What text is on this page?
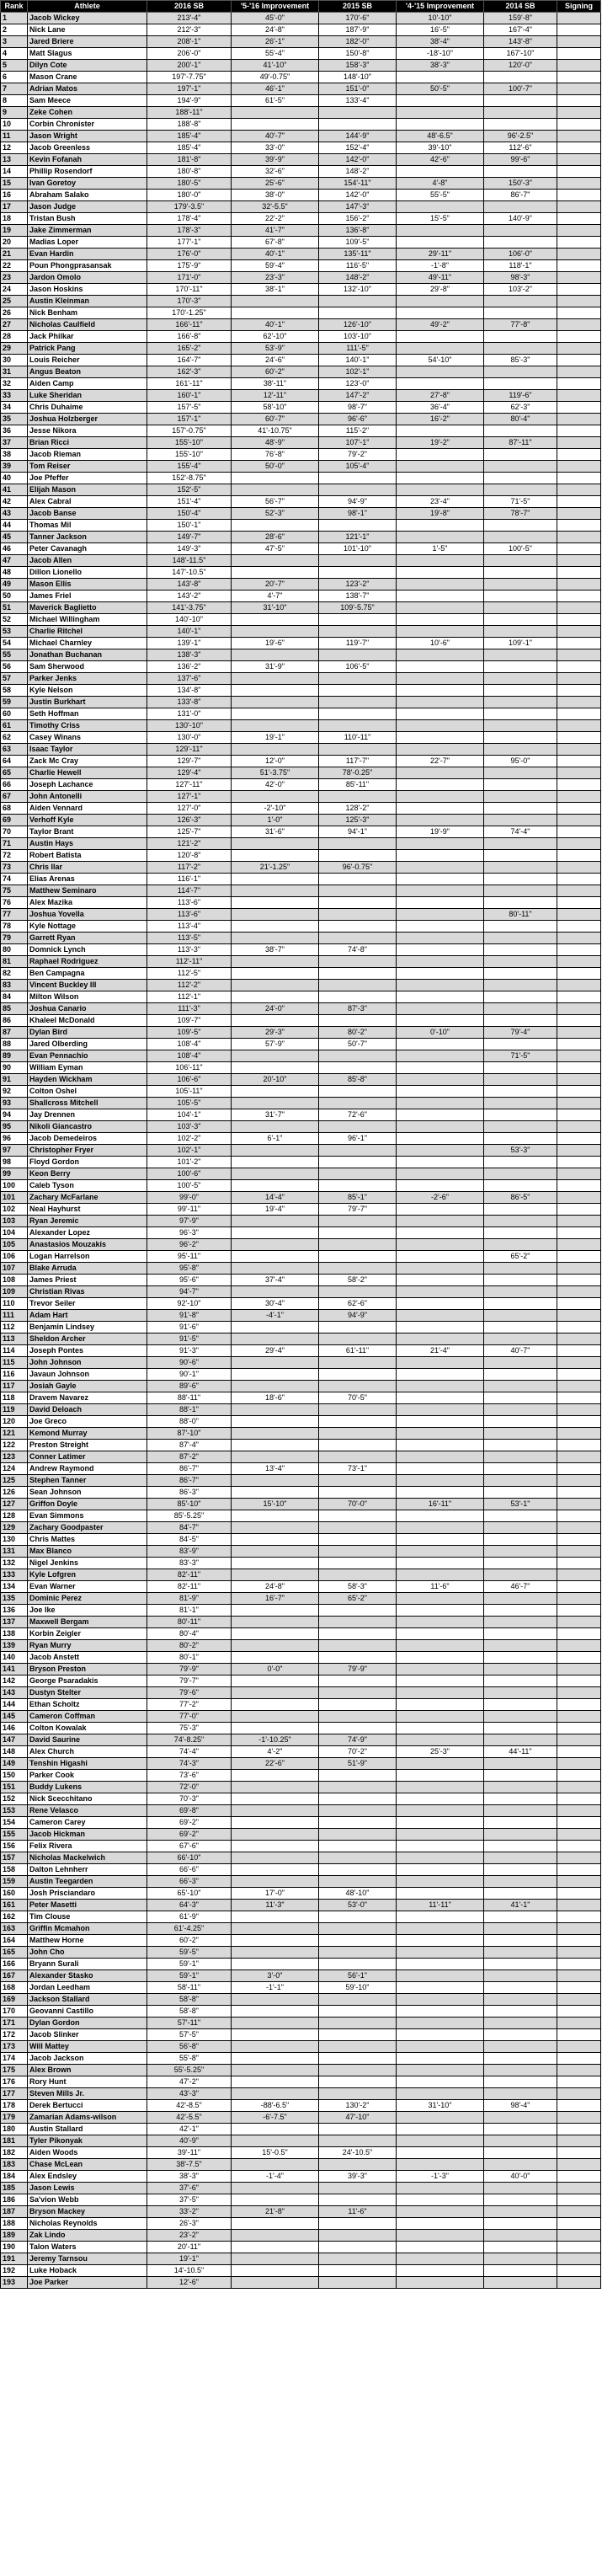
Rank	Athlete	2016 SB	'5-'16 Improvement	2015 SB	'4-'15 Improvement	2014 SB	Signing
1	Jacob Wickey	213'-4"	45'-0"	170'-6"	10'-10"	159'-8"	
2	Nick Lane	212'-3"	24'-8"	187'-9"	16'-5"	167'-4"	
3	Jared Briere	208'-1"	26'-1"	182'-0"	38'-4"	143'-8"	
4	Matt Slagus	206'-0"	55'-4"	150'-8"	-18'-10"	167'-10"	
5	Dilyn Cote	200'-1"	41'-10"	158'-3"	38'-3"	120'-0"	
6	Mason Crane	197'-7.75"	49'-0.75"	148'-10"			
7	Adrian Matos	197'-1"	46'-1"	151'-0"	50'-5"	100'-7"	
8	Sam Meece	194'-9"	61'-5"	133'-4"			
9	Zeke Cohen	188'-11"					
10	Corbin Chronister	188'-8"					
11	Jason Wright	185'-4"	40'-7"	144'-9"	48'-6.5"	96'-2.5"	
12	Jacob Greenless	185'-4"	33'-0"	152'-4"	39'-10"	112'-6"	
13	Kevin Fofanah	181'-8"	39'-9"	142'-0"	42'-6"	99'-6"	
14	Phillip Rosendorf	180'-8"	32'-6"	148'-2"			
15	Ivan Goretoy	180'-5"	25'-6"	154'-11"	4'-8"	150'-3"	
16	Abraham Salako	180'-0"	38'-0"	142'-0"	55'-5"	86'-7"	
17	Jason Judge	179'-3.5"	32'-5.5"	147'-3"			
18	Tristan Bush	178'-4"	22'-2"	156'-2"	15'-5"	140'-9"	
19	Jake Zimmerman	178'-3"	41'-7"	136'-8"			
20	Madias Loper	177'-1"	67'-8"	109'-5"			
21	Evan Hardin	176'-0"	40'-1"	135'-11"	29'-11"	106'-0"	
22	Poun Phongprasansak	175'-9"	59'-4"	116'-5"	-1'-8"	118'-1"	
23	Jardon Omolo	171'-0"	23'-3"	148'-2"	49'-11"	98'-3"	
24	Jason Hoskins	170'-11"	38'-1"	132'-10"	29'-8"	103'-2"	
25	Austin Kleinman	170'-3"					
26	Nick Benham	170'-1.25"					
27	Nicholas Caulfield	166'-11"	40'-1"	126'-10"	49'-2"	77'-8"	
28	Jack Philkar	166'-8"	62'-10"	103'-10"			
29	Patrick Pang	165'-2"	53'-9"	111'-5"			
30	Louis Reicher	164'-7"	24'-6"	140'-1"	54'-10"	85'-3"	
31	Angus Beaton	162'-3"	60'-2"	102'-1"			
32	Aiden Camp	161'-11"	38'-11"	123'-0"			
33	Luke Sheridan	160'-1"	12'-11"	147'-2"	27'-8"	119'-6"	
34	Chris Duhaime	157'-5"	58'-10"	98'-7"	36'-4"	62'-3"	
35	Joshua Holzberger	157'-1"	60'-7"	96'-6"	16'-2"	80'-4"	
36	Jesse Nikora	157'-0.75"	41'-10.75"	115'-2"			
37	Brian Ricci	155'-10"	48'-9"	107'-1"	19'-2"	87'-11"	
38	Jacob Rieman	155'-10"	76'-8"	79'-2"			
39	Tom Reiser	155'-4"	50'-0"	105'-4"			
40	Joe Pfeffer	152'-8.75"					
41	Elijah Mason	152'-5"					
42	Alex Cabral	151'-4"	56'-7"	94'-9"	23'-4"	71'-5"	
43	Jacob Banse	150'-4"	52'-3"	98'-1"	19'-8"	78'-7"	
44	Thomas Mil	150'-1"					
45	Tanner Jackson	149'-7"	28'-6"	121'-1"			
46	Peter Cavanagh	149'-3"	47'-5"	101'-10"	1'-5"	100'-5"	
47	Jacob Allen	148'-11.5"					
48	Dillon Lionello	147'-10.5"					
49	Mason Ellis	143'-8"	20'-7"	123'-2"			
50	James Friel	143'-2"	4'-7"	138'-7"			
51	Maverick Baglietto	141'-3.75"	31'-10"	109'-5.75"			
52	Michael Willingham	140'-10"					
53	Charlie Ritchel	140'-1"					
54	Michael Charnley	139'-1"	19'-6"	119'-7"	10'-6"	109'-1"	
55	Jonathan Buchanan	138'-3"					
56	Sam Sherwood	136'-2"	31'-9"	106'-5"			
57	Parker Jenks	137'-6"					
58	Kyle Nelson	134'-8"					
59	Justin Burkhart	133'-8"					
60	Seth Hoffman	131'-0"					
61	Timothy Criss	130'-10"					
62	Casey Winans	130'-0"	19'-1"	110'-11"			
63	Isaac Taylor	129'-11"					
64	Zack Mc Cray	129'-7"	12'-0"	117'-7"	22'-7"	95'-0"	
65	Charlie Hewell	129'-4"	51'-3.75"	78'-0.25"			
66	Joseph Lachance	127'-11"	42'-0"	85'-11"			
67	John Antonelli	127'-1"					
68	Aiden Vennard	127'-0"	-2'-10"	128'-2"			
69	Verhoff Kyle	126'-3"	1'-0"	125'-3"			
70	Taylor Brant	125'-7"	31'-6"	94'-1"	19'-9"	74'-4"	
71	Austin Hays	121'-2"					
72	Robert Batista	120'-8"					
73	Chris Ilar	117'-2"	21'-1.25"	96'-0.75"			
74	Elias Arenas	116'-1"					
75	Matthew Seminaro	114'-7"					
76	Alex Mazika	113'-6"					
77	Joshua Yovella	113'-6"				80'-11"	
78	Kyle Nottage	113'-4"					
79	Garrett Ryan	113'-5"					
80	Domnick Lynch	113'-3"	38'-7"	74'-8"			
81	Raphael Rodriguez	112'-11"					
82	Ben Campagna	112'-5"					
83	Vincent Buckley III	112'-2"					
84	Milton Wilson	112'-1"					
85	Joshua Canario	111'-3"	24'-0"	87'-3"			
86	Khaleel McDonald	109'-7"					
87	Dylan Bird	109'-5"	29'-3"	80'-2"	0'-10"	79'-4"	
88	Jared Olberding	108'-4"	57'-9"	50'-7"			
89	Evan Pennachio	108'-4"				71'-5"	
90	William Eyman	106'-11"					
91	Hayden Wickham	106'-6"	20'-10"	85'-8"			
92	Colton Oshel	105'-11"					
93	Shallcross Mitchell	105'-5"					
94	Jay Drennen	104'-1"	31'-7"	72'-6"			
95	Nikoli Giancastro	103'-3"					
96	Jacob Demedeiros	102'-2"	6'-1"	96'-1"			
97	Christopher Fryer	102'-1"				53'-3"	
98	Floyd Gordon	101'-2"					
99	Keon Berry	100'-6"					
100	Caleb Tyson	100'-5"					
101	Zachary McFarlane	99'-0"	14'-4"	85'-1"	-2'-6"	86'-5"	
102	Neal Hayhurst	99'-11"	19'-4"	79'-7"			
103	Ryan Jeremic	97'-9"					
104	Alexander Lopez	96'-3"					
105	Anastasios Mouzakis	96'-2"					
106	Logan Harrelson	95'-11"				65'-2"	
107	Blake Arruda	95'-8"					
108	James Priest	95'-6"	37'-4"	58'-2"			
109	Christian Rivas	94'-7"					
110	Trevor Seiler	92'-10"	30'-4"	62'-6"			
111	Adam Hart	91'-8"	-4'-1"	94'-9"			
112	Benjamin Lindsey	91'-6"					
113	Sheldon Archer	91'-5"					
114	Joseph Pontes	91'-3"	29'-4"	61'-11"	21'-4"	40'-7"	
115	John Johnson	90'-6"					
116	Javaun Johnson	90'-1"					
117	Josiah Gayle	89'-6"					
118	Dravem Navarez	88'-11"	18'-6"	70'-5"			
119	David Deloach	88'-1"					
120	Joe Greco	88'-0"					
121	Kemond Murray	87'-10"					
122	Preston Streight	87'-4"					
123	Conner Latimer	87'-2"					
124	Andrew Raymond	86'-7"	13'-4"	73'-1"			
125	Stephen Tanner	86'-7"					
126	Sean Johnson	86'-3"					
127	Griffon Doyle	85'-10"	15'-10"	70'-0"	16'-11"	53'-1"	
128	Evan Simmons	85'-5.25"					
129	Zachary Goodpaster	84'-7"					
130	Chris Mattes	84'-5"					
131	Max Blanco	83'-9"					
132	Nigel Jenkins	83'-3"					
133	Kyle Lofgren	82'-11"					
134	Evan Warner	82'-11"	24'-8"	58'-3"	11'-6"	46'-7"	
135	Dominic Perez	81'-9"	16'-7"	65'-2"			
136	Joe Ike	81'-1"					
137	Maxwell Bergam	80'-11"					
138	Korbin Zeigler	80'-4"					
139	Ryan Murry	80'-2"					
140	Jacob Anstett	80'-1"					
141	Bryson Preston	79'-9"	0'-0"	79'-9"			
142	George Psaradakis	79'-7"					
143	Dustyn Stelter	79'-6"					
144	Ethan Scholtz	77'-2"					
145	Cameron Coffman	77'-0"					
146	Colton Kowalak	75'-3"					
147	David Saurine	74'-8.25"	-1'-10.25"	74'-9"			
148	Alex Church	74'-4"	4'-2"	70'-2"	25'-3"	44'-11"	
149	Tenshin Higashi	74'-3"	22'-6"	51'-9"			
150	Parker Cook	73'-6"					
151	Buddy Lukens	72'-0"					
152	Nick Scecchitano	70'-3"					
153	Rene Velasco	69'-8"					
154	Cameron Carey	69'-2"					
155	Jacob Hickman	69'-2"					
156	Felix Rivera	67'-6"					
157	Nicholas Mackelwich	66'-10"					
158	Dalton Lehnherr	66'-6"					
159	Austin Teegarden	66'-3"					
160	Josh Prisciandaro	65'-10"	17'-0"	48'-10"			
161	Peter Masetti	64'-3"	11'-3"	53'-0"	11'-11"	41'-1"	
162	Tim Clouse	61'-9"					
163	Griffin Mcmahon	61'-4.25"					
164	Matthew Horne	60'-2"					
165	John Cho	59'-5"					
166	Bryann Surali	59'-1"					
167	Alexander Stasko	59'-1"	3'-0"	56'-1"			
168	Jordan Leedham	58'-11"	-1'-1"	59'-10"			
169	Jackson Stallard	58'-8"					
170	Geovanni Castillo	58'-8"					
171	Dylan Gordon	57'-11"					
172	Jacob Slinker	57'-5"					
173	Will Mattey	56'-8"					
174	Jacob Jackson	55'-8"					
175	Alex Brown	55'-5.25"					
176	Rory Hunt	47'-2"					
177	Steven Mills Jr.	43'-3"					
178	Derek Bertucci	42'-8.5"	-88'-6.5"	130'-2"	31'-10"	98'-4"	
179	Zamarian Adams-wilson	42'-5.5"	-6'-7.5"	47'-10"			
180	Austin Stallard	42'-1"					
181	Tyler Pikonyak	40'-9"					
182	Aiden Woods	39'-11"	15'-0.5"	24'-10.5"			
183	Chase McLean	38'-7.5"					
184	Alex Endsley	38'-3"	-1'-4"	39'-3"	-1'-3"	40'-0"	
185	Jason Lewis	37'-6"					
186	Sa'vion Webb	37'-5"					
187	Bryson Mackey	33'-2"	21'-8"	11'-6"			
188	Nicholas Reynolds	26'-3"					
189	Zak Lindo	23'-2"					
190	Talon Waters	20'-11"					
191	Jeremy Tarnsou	19'-1"					
192	Luke Hoback	14'-10.5"					
193	Joe Parker	12'-6"					
